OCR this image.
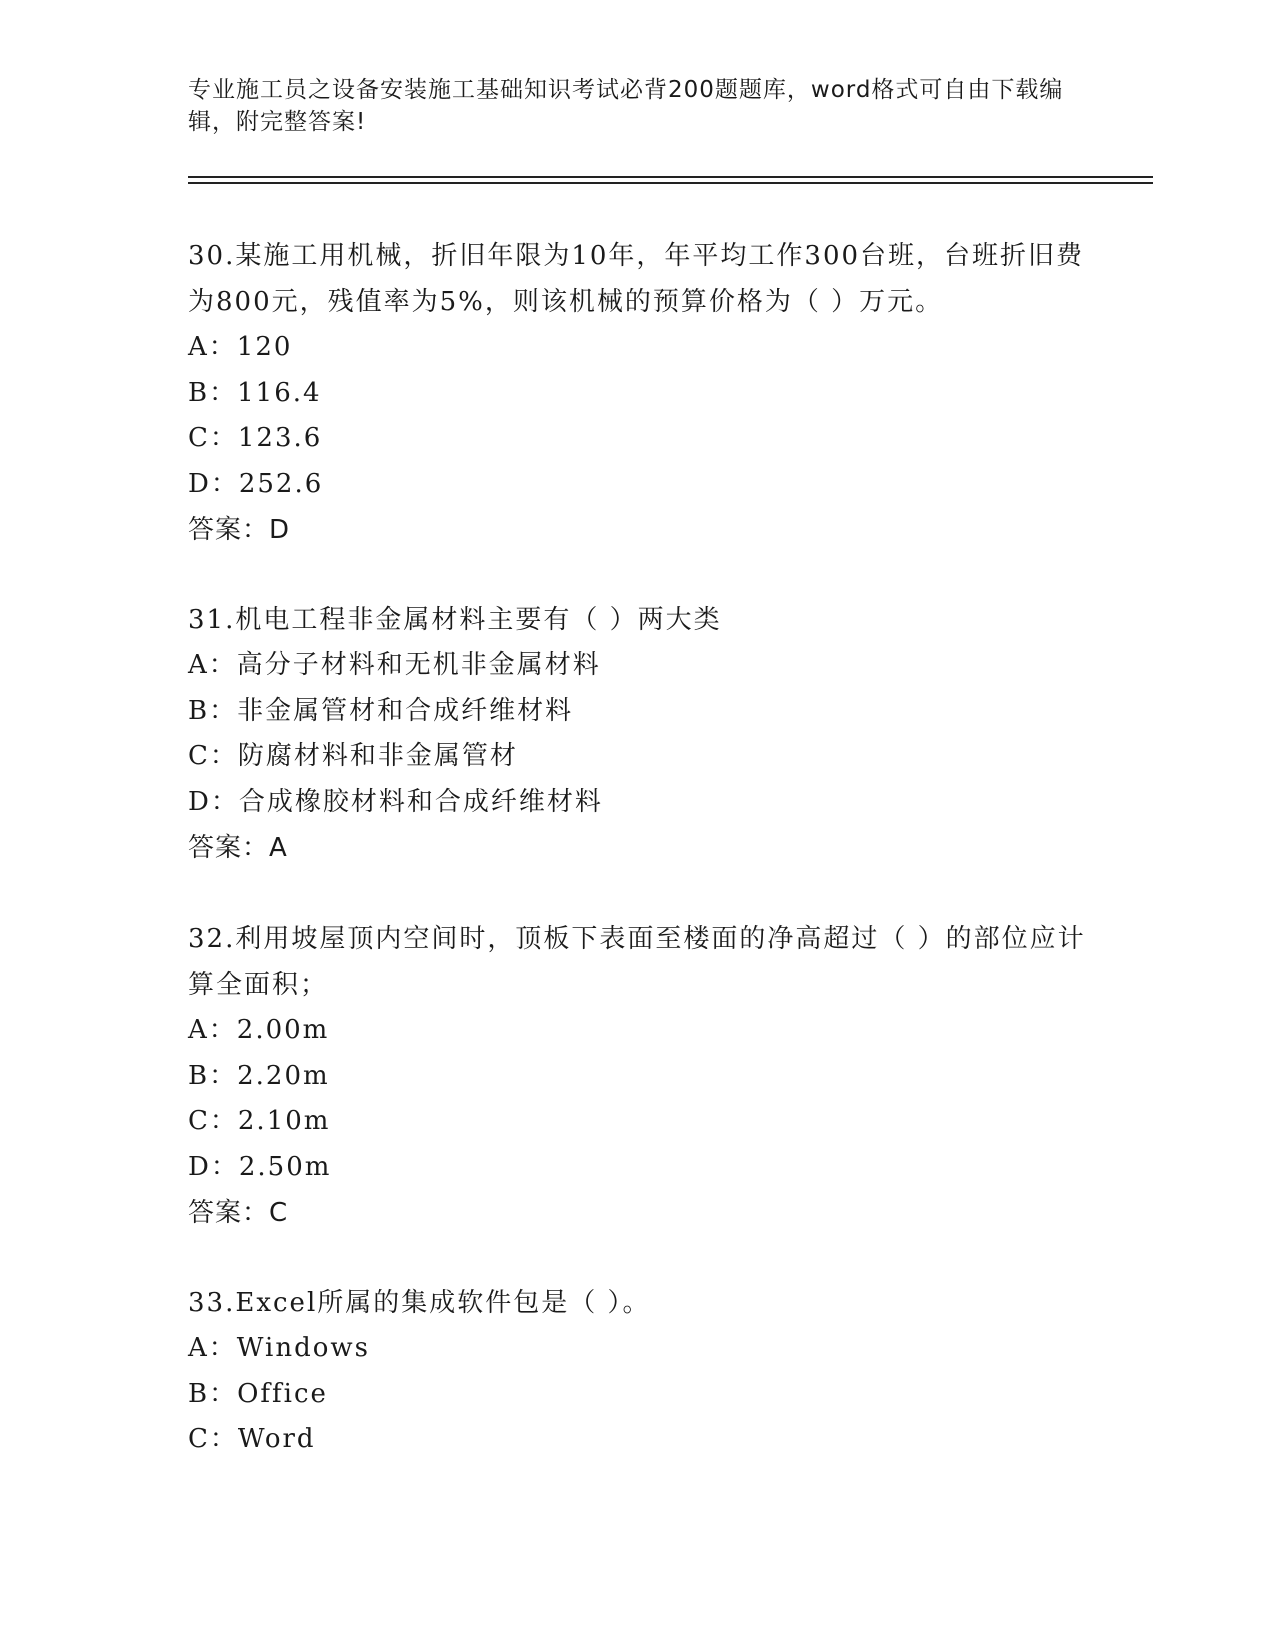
专业施工员之设备安装施工基础知识考试必背200题题库，word格式可自由下载编辑，附完整答案!

30.某施工用机械，折旧年限为10年，年平均工作300台班，台班折旧费为800元，残值率为5%，则该机械的预算价格为（ ）万元。

A：120

B：116.4

C：123.6

D：252.6

答案：D

31.机电工程非金属材料主要有（ ）两大类

A：高分子材料和无机非金属材料

B：非金属管材和合成纤维材料

C：防腐材料和非金属管材

D：合成橡胶材料和合成纤维材料

答案：A

32.利用坡屋顶内空间时，顶板下表面至楼面的净高超过（ ）的部位应计算全面积；

A：2.00m

B：2.20m

C：2.10m

D：2.50m

答案：C

33.Excel所属的集成软件包是（ ）。

A：Windows

B：Office

C：Word
